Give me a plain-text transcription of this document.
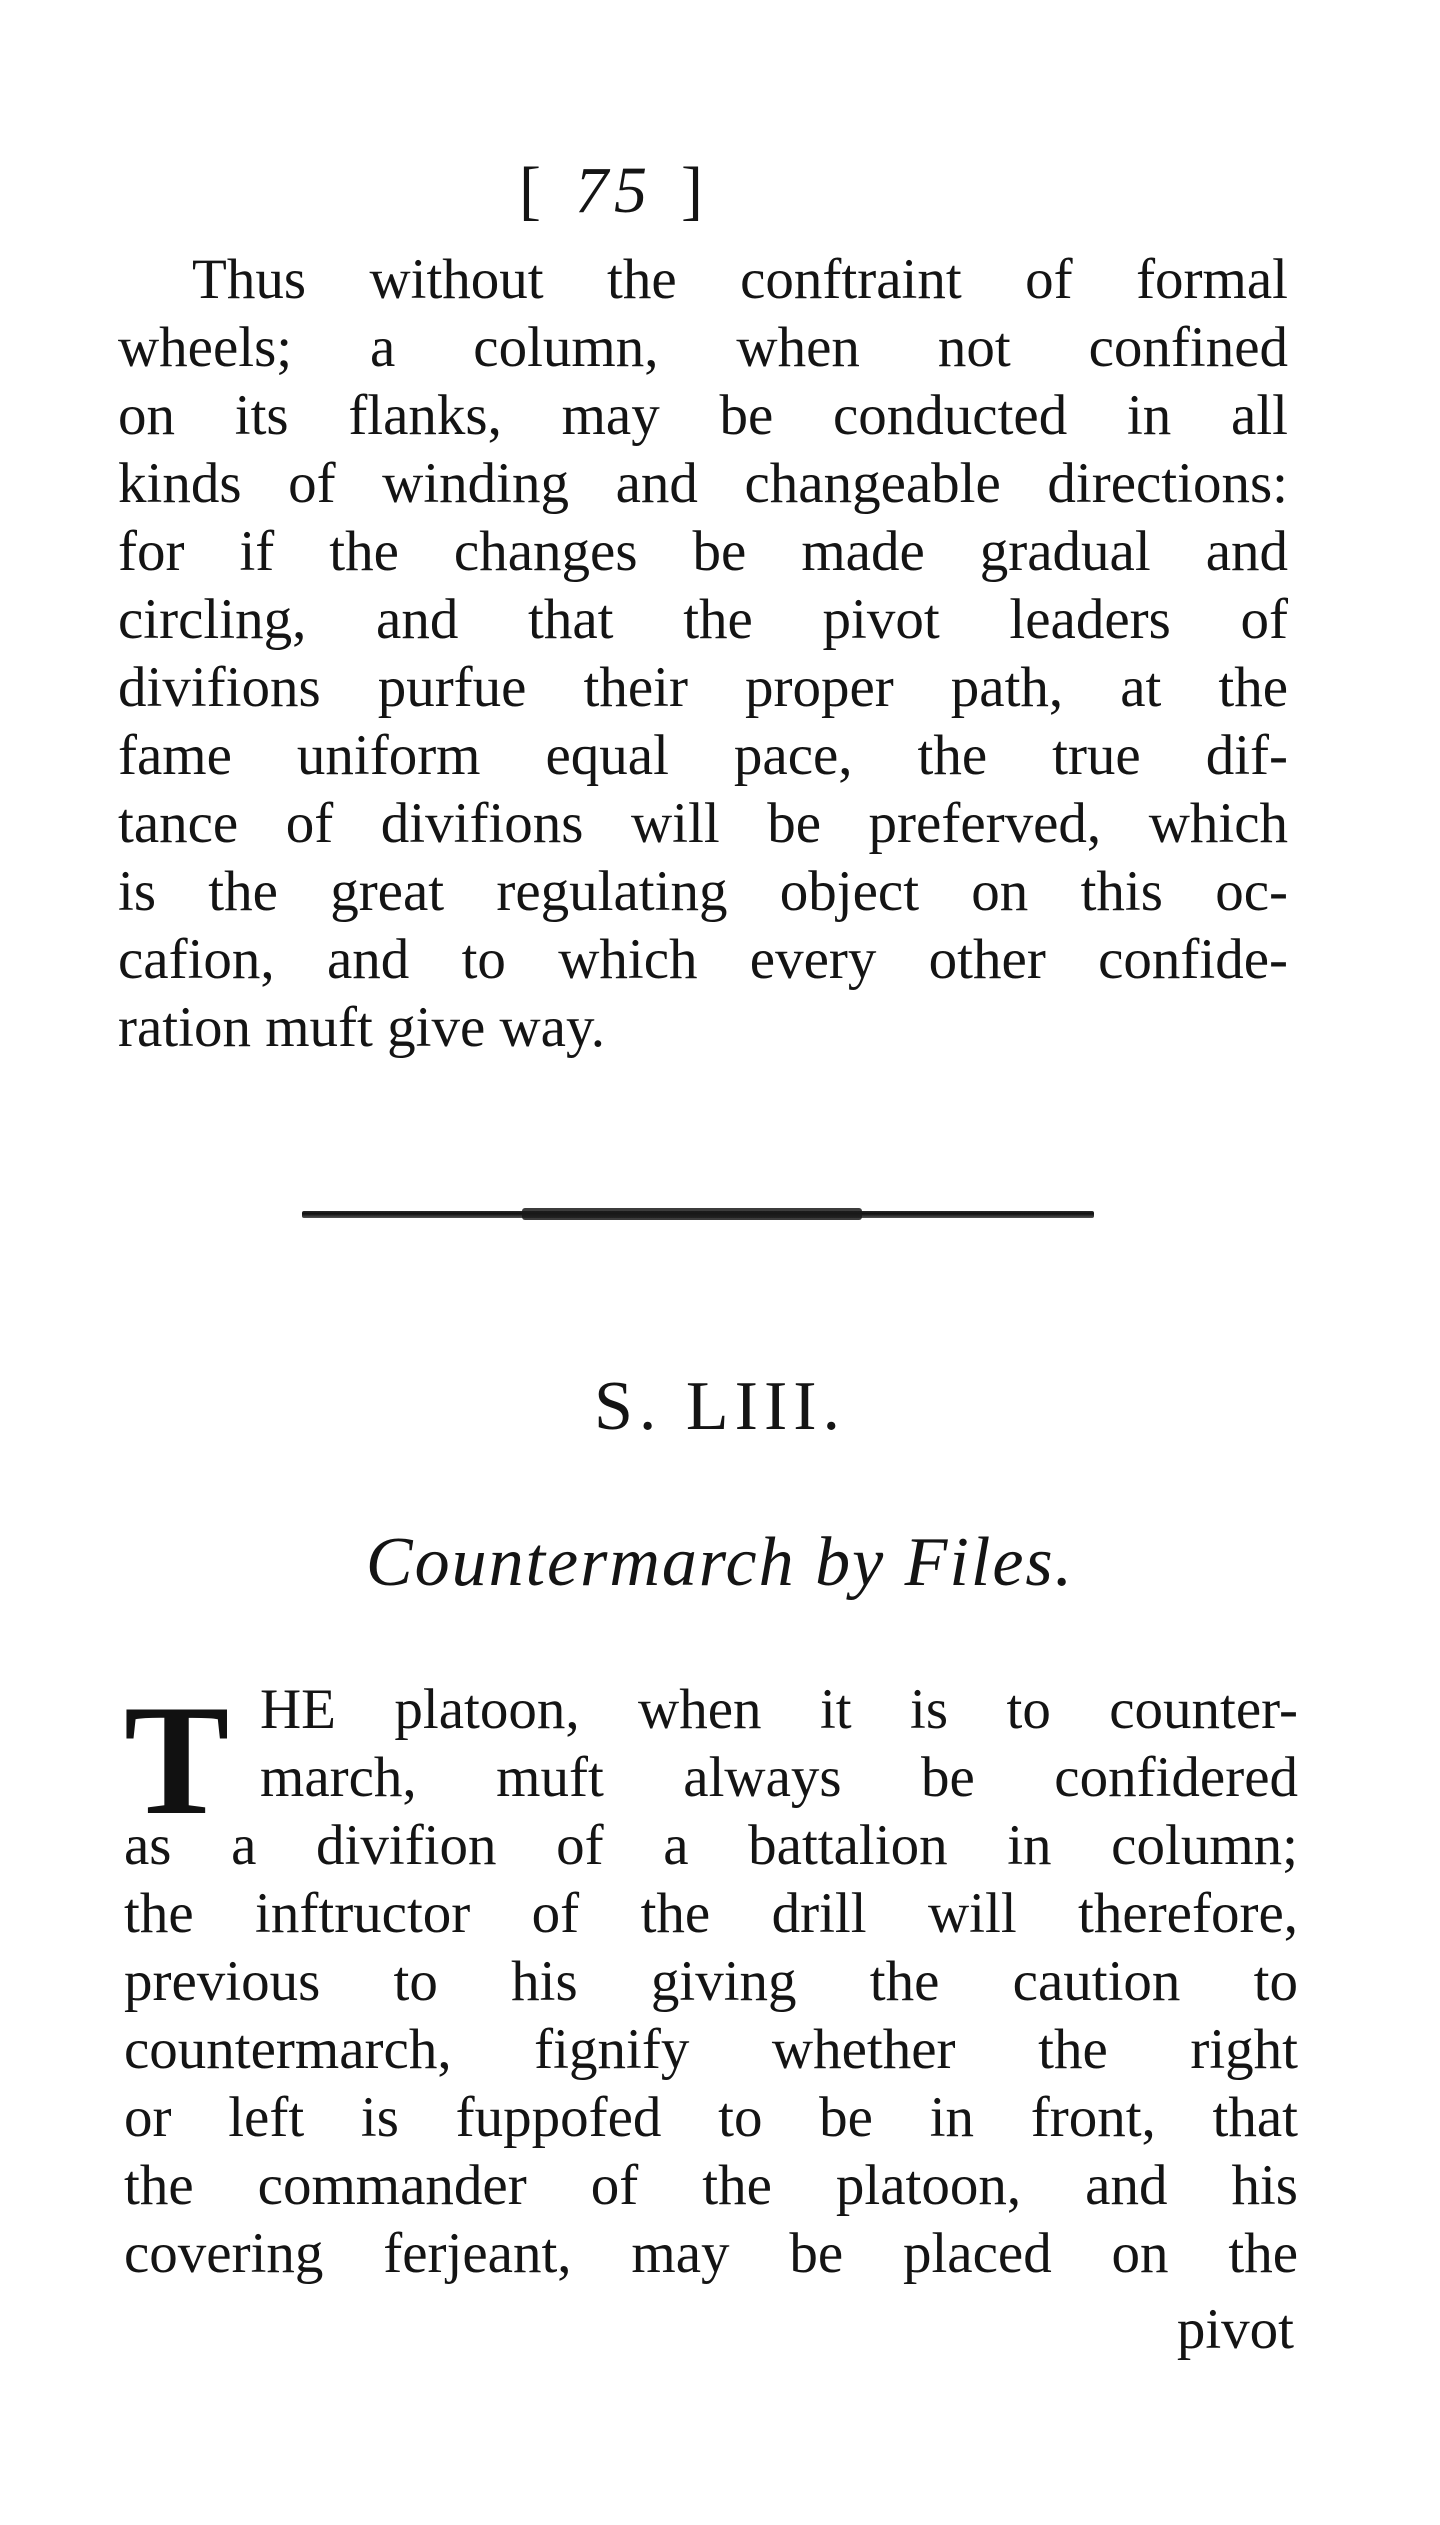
[ 75 ]

Thus without the conftraint of formal
wheels; a column, when not confined
on its flanks, may be conducted in all
kinds of winding and changeable directions:
for if the changes be made gradual and
circling, and that the pivot leaders of
divifions purfue their proper path, at the
fame uniform equal pace, the true dif-
tance of divifions will be preferved, which
is the great regulating object on this oc-
cafion, and to which every other confide-
ration muft give way.

S. LIII.
Countermarch by Files.
T HE platoon, when it is to counter-
march, muft always be confidered
as a divifion of a battalion in column;
the inftructor of the drill will therefore,
previous to his giving the caution to
countermarch, fignify whether the right
or left is fuppofed to be in front, that
the commander of the platoon, and his
covering ferjeant, may be placed on the

pivot
